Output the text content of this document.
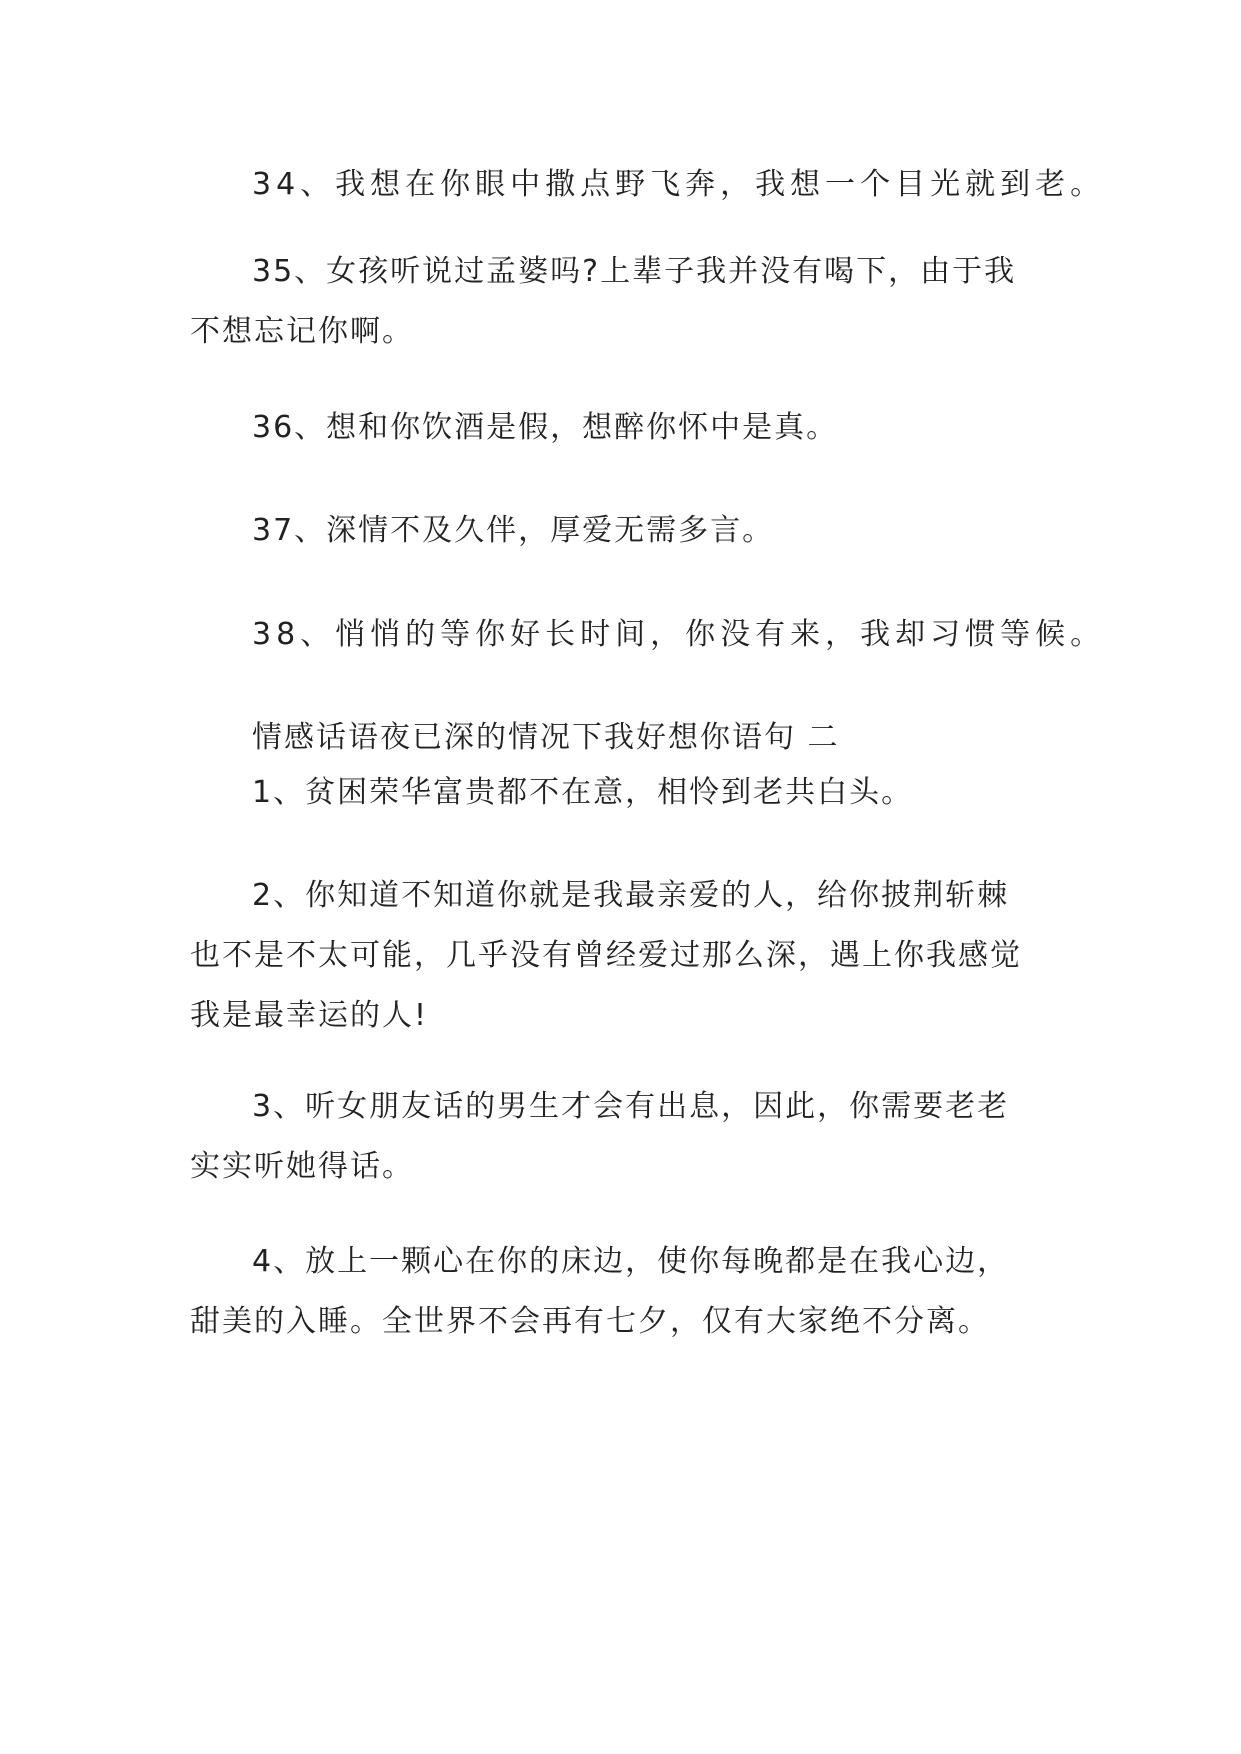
34、我想在你眼中撒点野飞奔，我想一个目光就到老。

35、女孩听说过孟婆吗?上辈子我并没有喝下，由于我
不想忘记你啊。

36、想和你饮酒是假，想醉你怀中是真。

37、深情不及久伴，厚爱无需多言。

38、悄悄的等你好长时间，你没有来，我却习惯等候。

情感话语夜已深的情况下我好想你语句 二

1、贫困荣华富贵都不在意，相怜到老共白头。

2、你知道不知道你就是我最亲爱的人，给你披荆斩棘
也不是不太可能，几乎没有曾经爱过那么深，遇上你我感觉
我是最幸运的人!

3、听女朋友话的男生才会有出息，因此，你需要老老
实实听她得话。

4、放上一颗心在你的床边，使你每晚都是在我心边，
甜美的入睡。全世界不会再有七夕，仅有大家绝不分离。
